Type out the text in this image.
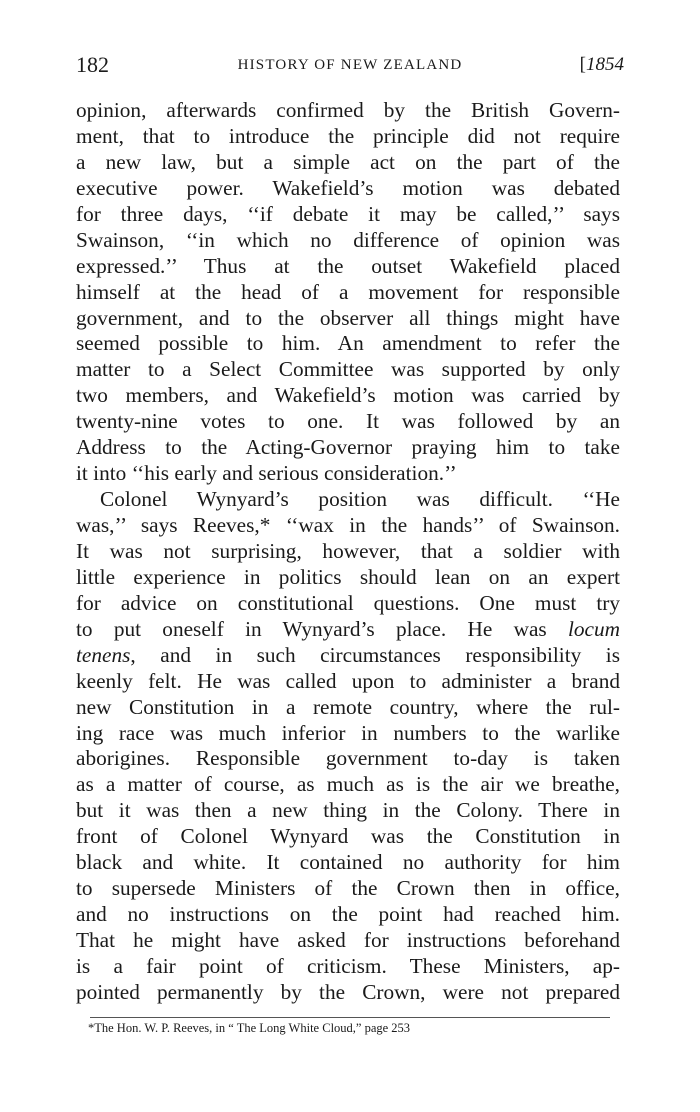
182	HISTORY OF NEW ZEALAND	[1854
opinion, afterwards confirmed by the British Govern-
ment, that to introduce the principle did not require
a new law, but a simple act on the part of the
executive power. Wakefield’s motion was debated
for three days, ‘‘if debate it may be called,’’ says
Swainson, ‘‘in which no difference of opinion was
expressed.’’ Thus at the outset Wakefield placed
himself at the head of a movement for responsible
government, and to the observer all things might have
seemed possible to him. An amendment to refer the
matter to a Select Committee was supported by only
two members, and Wakefield’s motion was carried by
twenty-nine votes to one. It was followed by an
Address to the Acting-Governor praying him to take
it into ‘‘his early and serious consideration.’’
Colonel Wynyard’s position was difficult. ‘‘He
was,’’ says Reeves,* ‘‘wax in the hands’’ of Swainson.
It was not surprising, however, that a soldier with
little experience in politics should lean on an expert
for advice on constitutional questions. One must try
to put oneself in Wynyard’s place. He was locum
tenens, and in such circumstances responsibility is
keenly felt. He was called upon to administer a brand
new Constitution in a remote country, where the rul-
ing race was much inferior in numbers to the warlike
aborigines. Responsible government to-day is taken
as a matter of course, as much as is the air we breathe,
but it was then a new thing in the Colony. There in
front of Colonel Wynyard was the Constitution in
black and white. It contained no authority for him
to supersede Ministers of the Crown then in office,
and no instructions on the point had reached him.
That he might have asked for instructions beforehand
is a fair point of criticism. These Ministers, ap-
pointed permanently by the Crown, were not prepared
*The Hon. W. P. Reeves, in “ The Long White Cloud,” page 253
